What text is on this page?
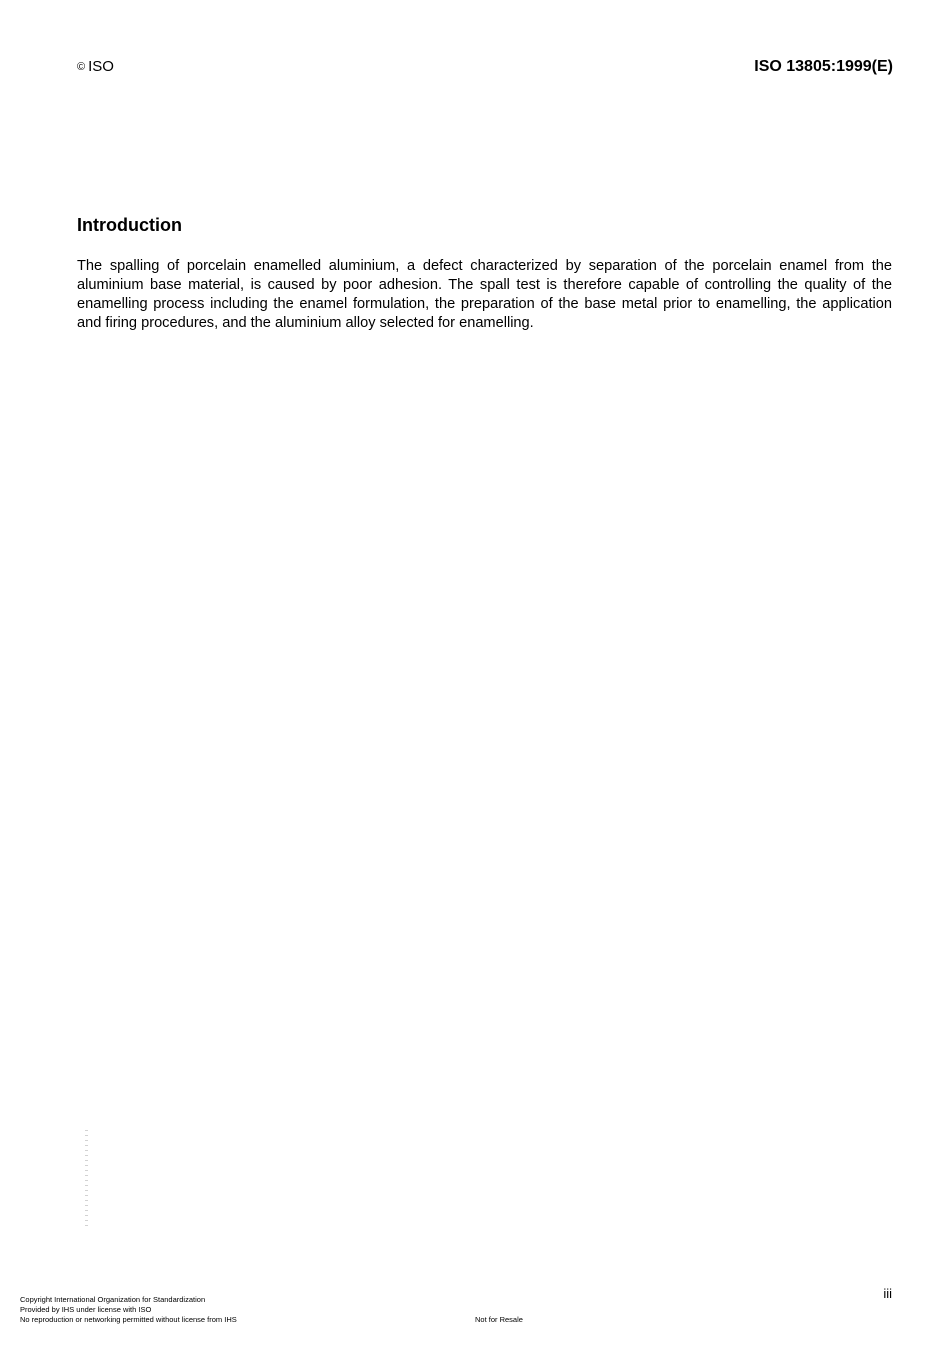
© ISO	ISO 13805:1999(E)
Introduction

The spalling of porcelain enamelled aluminium, a defect characterized by separation of the porcelain enamel from the aluminium base material, is caused by poor adhesion. The spall test is therefore capable of controlling the quality of the enamelling process including the enamel formulation, the preparation of the base metal prior to enamelling, the application and firing procedures, and the aluminium alloy selected for enamelling.

iii
Copyright International Organization for Standardization
Provided by IHS under license with ISO
No reproduction or networking permitted without license from IHS	Not for Resale
